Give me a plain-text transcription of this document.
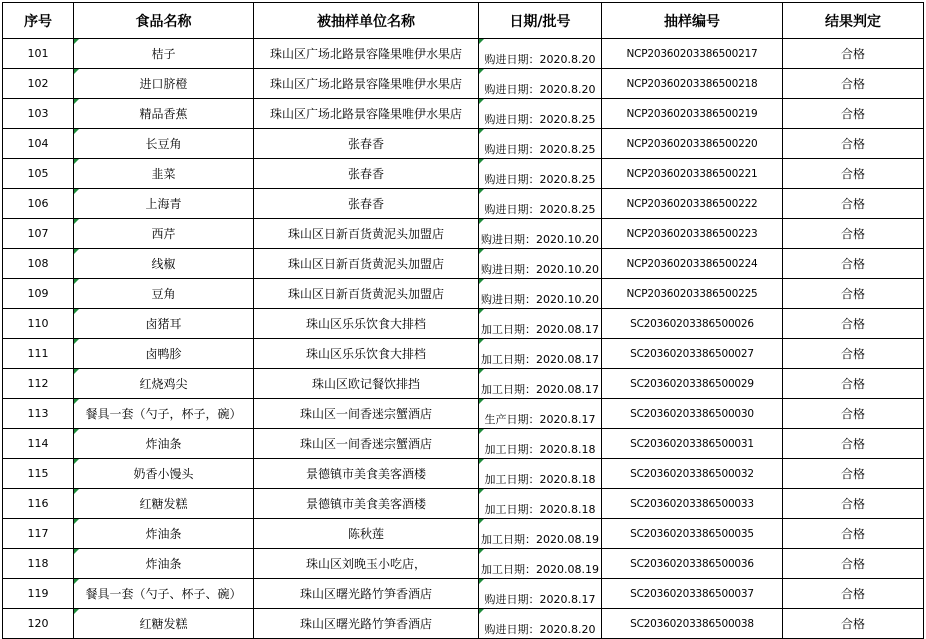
序号	食品名称	被抽样单位名称	日期/批号	抽样编号	结果判定
101	桔子	珠山区广场北路景容隆果唯伊水果店	购进日期：2020.8.20	NCP20360203386500217	合格
102	进口脐橙	珠山区广场北路景容隆果唯伊水果店	购进日期：2020.8.20	NCP20360203386500218	合格
103	精品香蕉	珠山区广场北路景容隆果唯伊水果店	购进日期：2020.8.25	NCP20360203386500219	合格
104	长豆角	张春香	购进日期：2020.8.25	NCP20360203386500220	合格
105	韭菜	张春香	购进日期：2020.8.25	NCP20360203386500221	合格
106	上海青	张春香	购进日期：2020.8.25	NCP20360203386500222	合格
107	西芹	珠山区日新百货黄泥头加盟店	购进日期：2020.10.20	NCP20360203386500223	合格
108	线椒	珠山区日新百货黄泥头加盟店	购进日期：2020.10.20	NCP20360203386500224	合格
109	豆角	珠山区日新百货黄泥头加盟店	购进日期：2020.10.20	NCP20360203386500225	合格
110	卤猪耳	珠山区乐乐饮食大排档	加工日期：2020.08.17	SC20360203386500026	合格
111	卤鸭胗	珠山区乐乐饮食大排档	加工日期：2020.08.17	SC20360203386500027	合格
112	红烧鸡尖	珠山区欧记餐饮排挡	加工日期：2020.08.17	SC20360203386500029	合格
113	餐具一套（勺子，杯子，碗）	珠山区一间香迷宗蟹酒店	生产日期：2020.8.17	SC20360203386500030	合格
114	炸油条	珠山区一间香迷宗蟹酒店	加工日期：2020.8.18	SC20360203386500031	合格
115	奶香小馒头	景德镇市美食美客酒楼	加工日期：2020.8.18	SC20360203386500032	合格
116	红糖发糕	景德镇市美食美客酒楼	加工日期：2020.8.18	SC20360203386500033	合格
117	炸油条	陈秋莲	加工日期：2020.08.19	SC20360203386500035	合格
118	炸油条	珠山区刘晚玉小吃店，	加工日期：2020.08.19	SC20360203386500036	合格
119	餐具一套（勺子、杯子、碗）	珠山区曙光路竹笋香酒店	购进日期：2020.8.17	SC20360203386500037	合格
120	红糖发糕	珠山区曙光路竹笋香酒店	购进日期：2020.8.20	SC20360203386500038	合格
